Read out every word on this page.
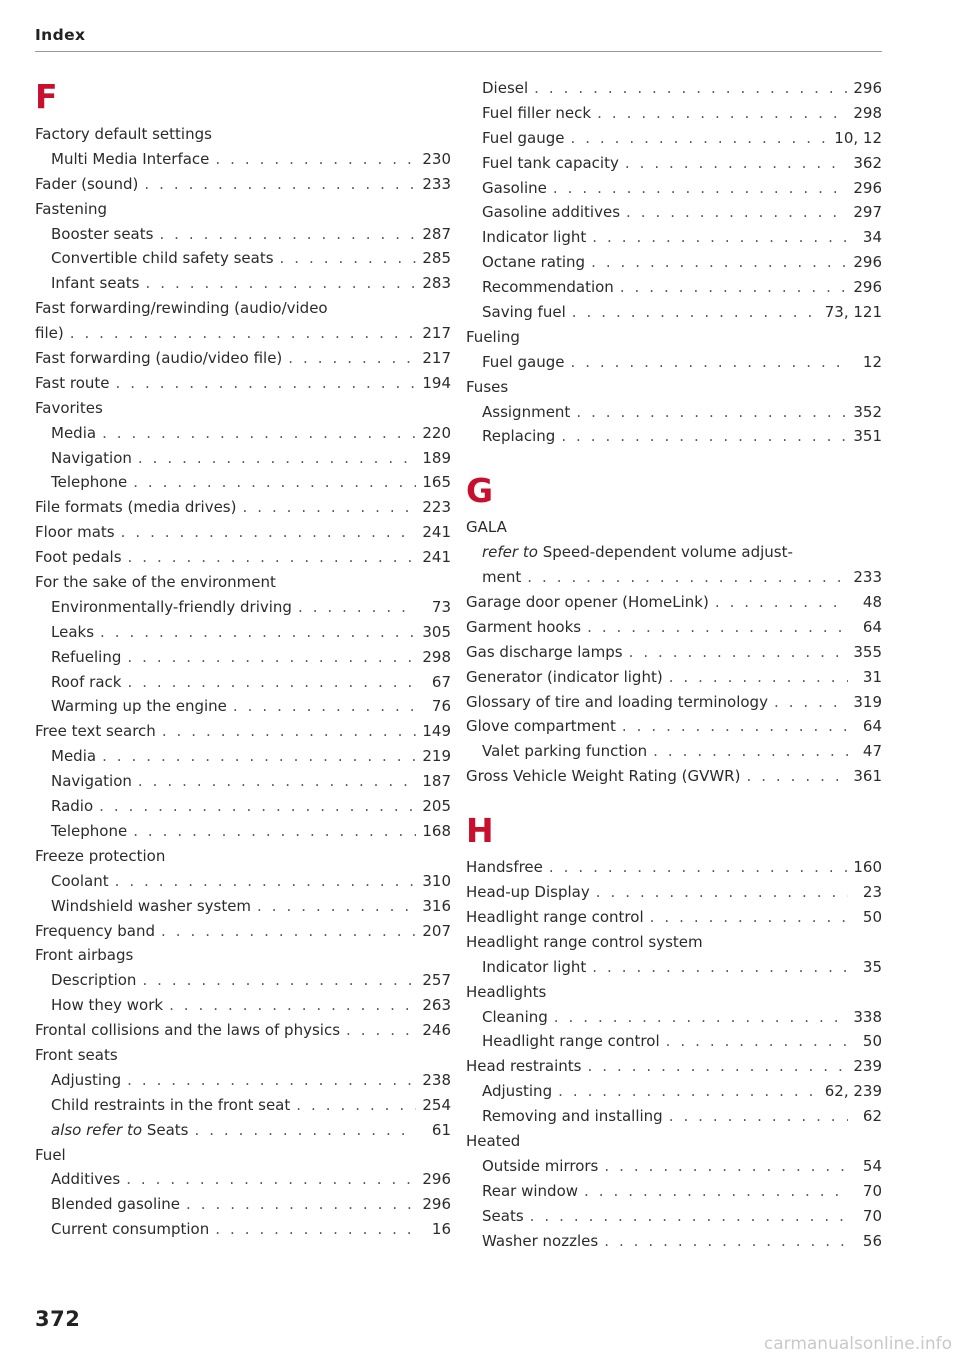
Index
F
Factory default settings
Multi Media Interface . . .	230
Fader (sound) . . .	233
Fastening
Booster seats . . .	287
Convertible child safety seats . . .	285
Infant seats . . .	283
Fast forwarding/rewinding (audio/video
file) . . .	217
Fast forwarding (audio/video file) . . .	217
Fast route . . .	194
Favorites
Media . . .	220
Navigation . . .	189
Telephone . . .	165
File formats (media drives) . . .	223
Floor mats . . .	241
Foot pedals . . .	241
For the sake of the environment
Environmentally-friendly driving . . .	73
Leaks . . .	305
Refueling . . .	298
Roof rack . . .	67
Warming up the engine . . .	76
Free text search . . .	149
Media . . .	219
Navigation . . .	187
Radio . . .	205
Telephone . . .	168
Freeze protection
Coolant . . .	310
Windshield washer system . . .	316
Frequency band . . .	207
Front airbags
Description . . .	257
How they work . . .	263
Frontal collisions and the laws of physics . . .	246
Front seats
Adjusting . . .	238
Child restraints in the front seat . . .	254
also refer to Seats . . .	61
Fuel
Additives . . .	296
Blended gasoline . . .	296
Current consumption . . .	16
Diesel . . .	296
Fuel filler neck . . .	298
Fuel gauge . . .	10, 12
Fuel tank capacity . . .	362
Gasoline . . .	296
Gasoline additives . . .	297
Indicator light . . .	34
Octane rating . . .	296
Recommendation . . .	296
Saving fuel . . .	73, 121
Fueling
Fuel gauge . . .	12
Fuses
Assignment . . .	352
Replacing . . .	351
G
GALA
refer to Speed-dependent volume adjust-
ment . . .	233
Garage door opener (HomeLink) . . .	48
Garment hooks . . .	64
Gas discharge lamps . . .	355
Generator (indicator light) . . .	31
Glossary of tire and loading terminology . . .	319
Glove compartment . . .	64
Valet parking function . . .	47
Gross Vehicle Weight Rating (GVWR) . . .	361
H
Handsfree . . .	160
Head-up Display . . .	23
Headlight range control . . .	50
Headlight range control system
Indicator light . . .	35
Headlights
Cleaning . . .	338
Headlight range control . . .	50
Head restraints . . .	239
Adjusting . . .	62, 239
Removing and installing . . .	62
Heated
Outside mirrors . . .	54
Rear window . . .	70
Seats . . .	70
Washer nozzles . . .	56
372
carmanualsonline.info
